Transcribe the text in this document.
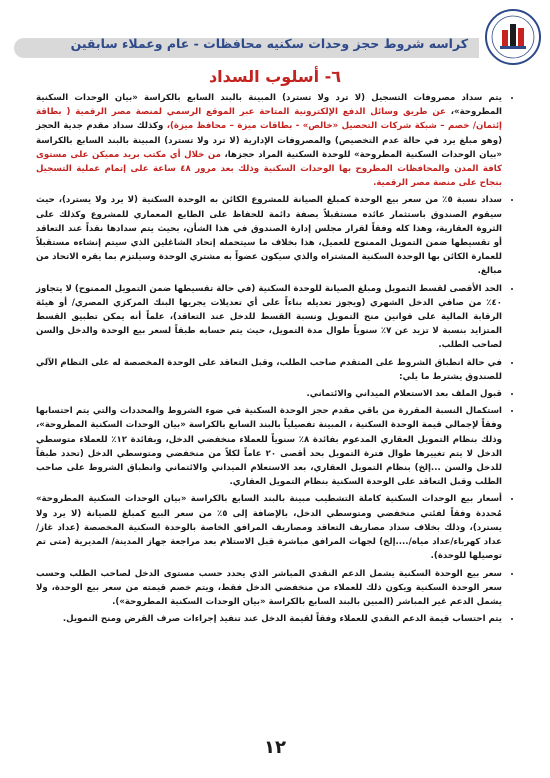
كراسه شروط حجز وحدات سكنيه محافظات - عام وعملاء سابقين
٦- أسلوب السداد
• يتم سداد مصروفات التسجيل (لا ترد ولا تسترد) المبينة بالبند السابع بالكراسة «بيان الوحدات السكنية المطروحة»، عن طريق وسائل الدفع الإلكترونية المتاحة عبر الموقع الرسمي لمنصة مصر الرقمية ( بطاقة إئتمان/ خصم – شبكة شركات التحصيل «خالص» - بطاقات ميزة – محافظ ميزة)، وكذلك سداد مقدم جدية الحجز (وهو مبلغ يرد في حالة عدم التخصيص) والمصروفات الإدارية (لا ترد ولا تسترد) المبينة بالبند السابع بالكراسة «بيان الوحدات السكنية المطروحة» للوحدة السكنية المراد حجزها، من خلال أي مكتب بريد مميكن على مستوى كافة المدن والمحافظات المطروح بها الوحدات السكنية وذلك بعد مرور ٤٨ ساعة على إتمام عملية التسجيل بنجاح على منصة مصر الرقمية.
• سداد نسبة ٥٪ من سعر بيع الوحدة كمبلغ الصيانة للمشروع الكائن به الوحدة السكنية (لا يرد ولا يسترد)، حيث سيقوم الصندوق باستثمار عائده مستقبلاً بصفة دائمة للحفاظ على الطابع المعماري للمشروع وكذلك على الثروة العقارية، وهذا كله وفقاً لقرار مجلس إدارة الصندوق في هذا الشأن، بحيث يتم سدادها نقداً عند التعاقد أو تقسيطها ضمن التمويل الممنوح للعميل، هذا بخلاف ما سيتحمله إتحاد الشاغلين الذي سيتم إنشاءه مستقبلاً للعمارة الكائن بها الوحدة السكنية المشتراه والذي سيكون عضواً به مشتري الوحدة وسيلتزم بما يقره الاتحاد من مبالغ.
• الحد الأقصى لقسط التمويل ومبلغ الصيانة للوحدة السكنية (في حالة تقسيطها ضمن التمويل الممنوح) لا يتجاوز ٤٠٪ من صافي الدخل الشهري (ويجوز تعديله بناءاً على أي تعديلات يجريها البنك المركزي المصري/ أو هيئة الرقابة المالية على قوانين منح التمويل ونسبة القسط للدخل عند التعاقد)، علماً أنه يمكن تطبيق القسط المتزايد بنسبة لا تزيد عن ٧٪ سنوياً طوال مدة التمويل، حيث يتم حسابه طبقاً لسعر بيع الوحدة والدخل والسن لصاحب الطلب.
• في حالة انطباق الشروط على المتقدم صاحب الطلب، وقبل التعاقد على الوحدة المخصصة له على النظام الآلي للصندوق يشترط ما يلي:
• قبول الملف بعد الاستعلام الميداني والائتماني.
• استكمال النسبة المقررة من باقي مقدم حجز الوحدة السكنية في ضوء الشروط والمحددات والتي يتم احتسابها وفقاً لإجمالي قيمة الوحدة السكنية ، المبينة تفصيلياً بالبند السابع بالكراسة «بيان الوحدات السكنية المطروحة»، وذلك بنظام التمويل العقاري المدعوم بفائدة ٨٪ سنوياً للعملاء منخفضي الدخل، وبفائدة ١٢٪ للعملاء متوسطي الدخل لا يتم تغييرها طوال فترة التمويل بحد أقصى ٢٠ عاماً لكلاً من منخفضي ومتوسطي الدخل (تحدد طبقاً للدخل والسن ...إلخ) بنظام التمويل العقاري، بعد الاستعلام الميداني والائتماني وانطباق الشروط على صاحب الطلب وقبل التعاقد على الوحدة السكنية بنظام التمويل العقاري.
• أسعار بيع الوحدات السكنية كاملة التشطيب مبينة بالبند السابع بالكراسة «بيان الوحدات السكنية المطروحة» مُحددة وفقاً لفئتي منخفضي ومتوسطي الدخل، بالإضافة إلى ٥٪ من سعر البيع كمبلغ للصيانة (لا يرد ولا يسترد)، وذلك بخلاف سداد مصاريف التعاقد ومصاريف المرافق الخاصة بالوحدة السكنية المخصصة (عداد غاز/عداد كهرباء/عداد مياه/....إلخ) لجهات المرافق مباشرة قبل الاستلام بعد مراجعة جهاز المدينة/ المديرية (متى تم توصيلها للوحدة).
• سعر بيع الوحدة السكنية يشمل الدعم النقدي المباشر الذي يحدد حسب مستوى الدخل لصاحب الطلب وحسب سعر الوحدة السكنية ويكون ذلك للعملاء من منخفضي الدخل فقط، ويتم خصم قيمته من سعر بيع الوحدة، ولا يشمل الدعم غير المباشر (المبين بالبند السابع بالكراسة «بيان الوحدات السكنية المطروحة»).
• يتم احتساب قيمة الدعم النقدي للعملاء وفقاً لقيمة الدخل عند تنفيذ إجراءات صرف القرض ومنح التمويل.
١٢
